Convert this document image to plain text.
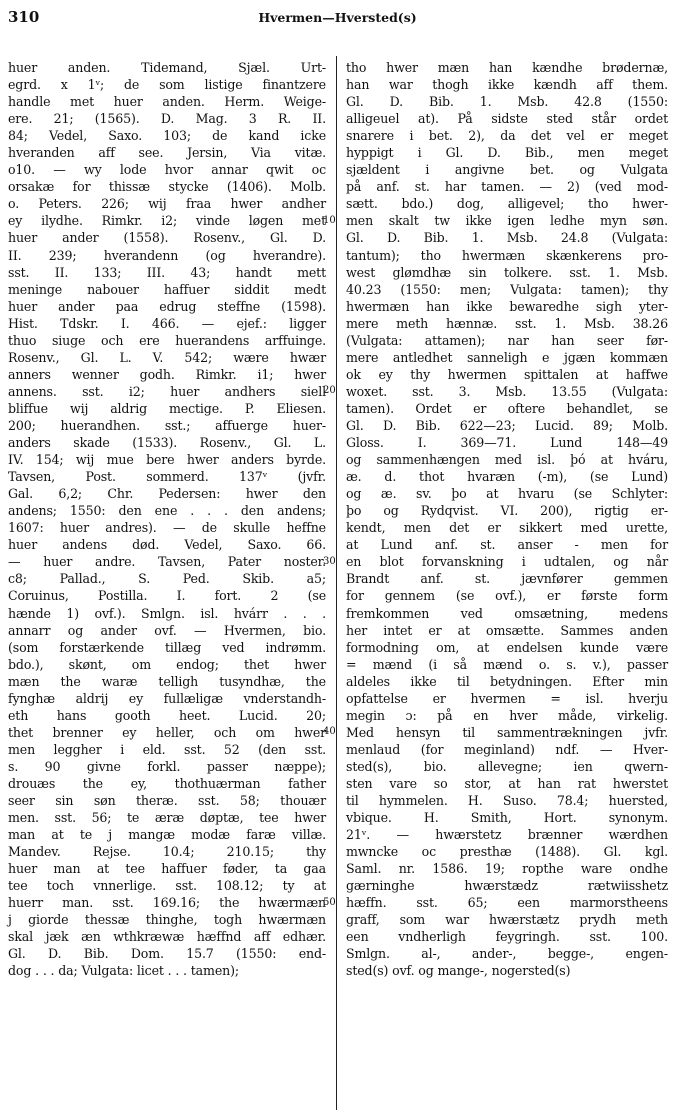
310	Hvermen—Hversted(s)
huer anden. Tidemand, Sjæl. Urt-
egrd. x 1ᵛ; de som listige finantzere
handle met huer anden. Herm. Weige-
ere. 21; (1565). D. Mag. 3 R. II.
84; Vedel, Saxo. 103; de kand icke
hveranden aff see. Jersin, Via vitæ.
o10. — wy lode hvor annar qwit oc
orsakæ for thissæ stycke (1406). Molb.
o. Peters. 226; wij fraa hwer andher
ey ilydhe. Rimkr. i2; vinde løgen met
huer ander (1558). Rosenv., Gl. D.
II. 239; hverandenn (og hverandre).
sst. II. 133; III. 43; handt mett
meninge nabouer haffuer siddit medt
huer ander paa edrug steffne (1598).
Hist. Tdskr. I. 466. — ejef.: ligger
thuo siuge och ere huerandens arffuinge.
Rosenv., Gl. L. V. 542; wære hwær
anners wenner godh. Rimkr. i1; hwer
annens. sst. i2; huer andhers siell
bliffue wij aldrig mectige. P. Eliesen.
200; huerandhen. sst.; affuerge huer-
anders skade (1533). Rosenv., Gl. L.
IV. 154; wij mue bere hwer anders byrde.
Tavsen, Post. sommerd. 137ᵛ (jvfr.
Gal. 6,2; Chr. Pedersen: hwer den
andens; 1550: den ene . . . den andens;
1607: huer andres). — de skulle heffne
huer andens død. Vedel, Saxo. 66.
— huer andre. Tavsen, Pater noster.
c8; Pallad., S. Ped. Skib. a5;
Coruinus, Postilla. I. fort. 2 (se
hænde 1) ovf.). Smlgn. isl. hvárr . . .
annarr og ander ovf. — Hvermen, bio.
(som forstærkende tillæg ved indrømm.
bdo.), skønt, om endog; thet hwer
mæn the waræ telligh tusyndhæ, the
fynghæ aldrij ey fullæligæ vnderstandh-
eth hans gooth heet. Lucid. 20;
thet brenner ey heller, och om hwer
men leggher i eld. sst. 52 (den sst.
s. 90 givne forkl. passer næppe);
drouæs the ey, thothuærman father
seer sin søn theræ. sst. 58; thouær
men. sst. 56; te æræ døptæ, tee hwer
man at te j mangæ modæ faræ villæ.
Mandev. Rejse. 10.4; 210.15; thy
huer man at tee haffuer føder, ta gaa
tee toch vnnerlige. sst. 108.12; ty at
huerr man. sst. 169.16; the hwærmæn
j giorde thessæ thinghe, togh hwærmæn
skal jæk æn wthkræwæ hæffnd aff edhær.
Gl. D. Bib. Dom. 15.7 (1550: end-
dog . . . da; Vulgata: licet . . . tamen);
tho hwer mæn han kændhe brødernæ,
han war thogh ikke kændh aff them.
Gl. D. Bib. 1. Msb. 42.8 (1550:
alligeuel at). På sidste sted står ordet
snarere i bet. 2), da det vel er meget
hyppigt i Gl. D. Bib., men meget
sjældent i angivne bet. og Vulgata
på anf. st. har tamen. — 2) (ved mod-
sætt. bdo.) dog, alligevel; tho hwer-
men skalt tw ikke igen ledhe myn søn.
Gl. D. Bib. 1. Msb. 24.8 (Vulgata:
tantum); tho hwermæn skænkerens pro-
west glømdhæ sin tolkere. sst. 1. Msb.
40.23 (1550: men; Vulgata: tamen); thy
hwermæn han ikke bewaredhe sigh yter-
mere meth hænnæ. sst. 1. Msb. 38.26
(Vulgata: attamen); nar han seer før-
mere antledhet sanneligh e jgæn kommæn
ok ey thy hwermen spittalen at haffwe
woxet. sst. 3. Msb. 13.55 (Vulgata:
tamen). Ordet er oftere behandlet, se
Gl. D. Bib. 622—23; Lucid. 89; Molb.
Gloss. I. 369—71. Lund 148—49
og sammenhængen med isl. þó at hváru,
æ. d. thot hvaræn (-m), (se Lund)
og æ. sv. þo at hvaru (se Schlyter:
þo og Rydqvist. VI. 200), rigtig er-
kendt, men det er sikkert med urette,
at Lund anf. st. anser - men for
en blot forvanskning i udtalen, og når
Brandt anf. st. jævnfører gemmen
for gennem (se ovf.), er første form
fremkommen ved omsætning, medens
her intet er at omsætte. Sammes anden
formodning om, at endelsen kunde være
= mænd (i så mænd o. s. v.), passer
aldeles ikke til betydningen. Efter min
opfattelse er hvermen = isl. hverju
megin ɔ: på en hver måde, virkelig.
Med hensyn til sammentrækningen jvfr.
menlaud (for meginland) ndf. — Hver-
sted(s), bio. allevegne; ien qwern-
sten vare so stor, at han rat hwerstet
til hymmelen. H. Suso. 78.4; huersted,
vbique. H. Smith, Hort. synonym.
21ᵛ. — hwærstetz brænner wærdhen
mwncke oc presthæ (1488). Gl. kgl.
Saml. nr. 1586. 19; ropthe ware ondhe
gærninghe hwærstædz rætwiisshetz
hæffn. sst. 65; een marmorstheens
graff, som war hwærstætz prydh meth
een vndherligh feygringh. sst. 100.
Smlgn. al-, ander-, begge-, engen-
sted(s) ovf. og mange-, nogersted(s)
10
20
30
40
50
